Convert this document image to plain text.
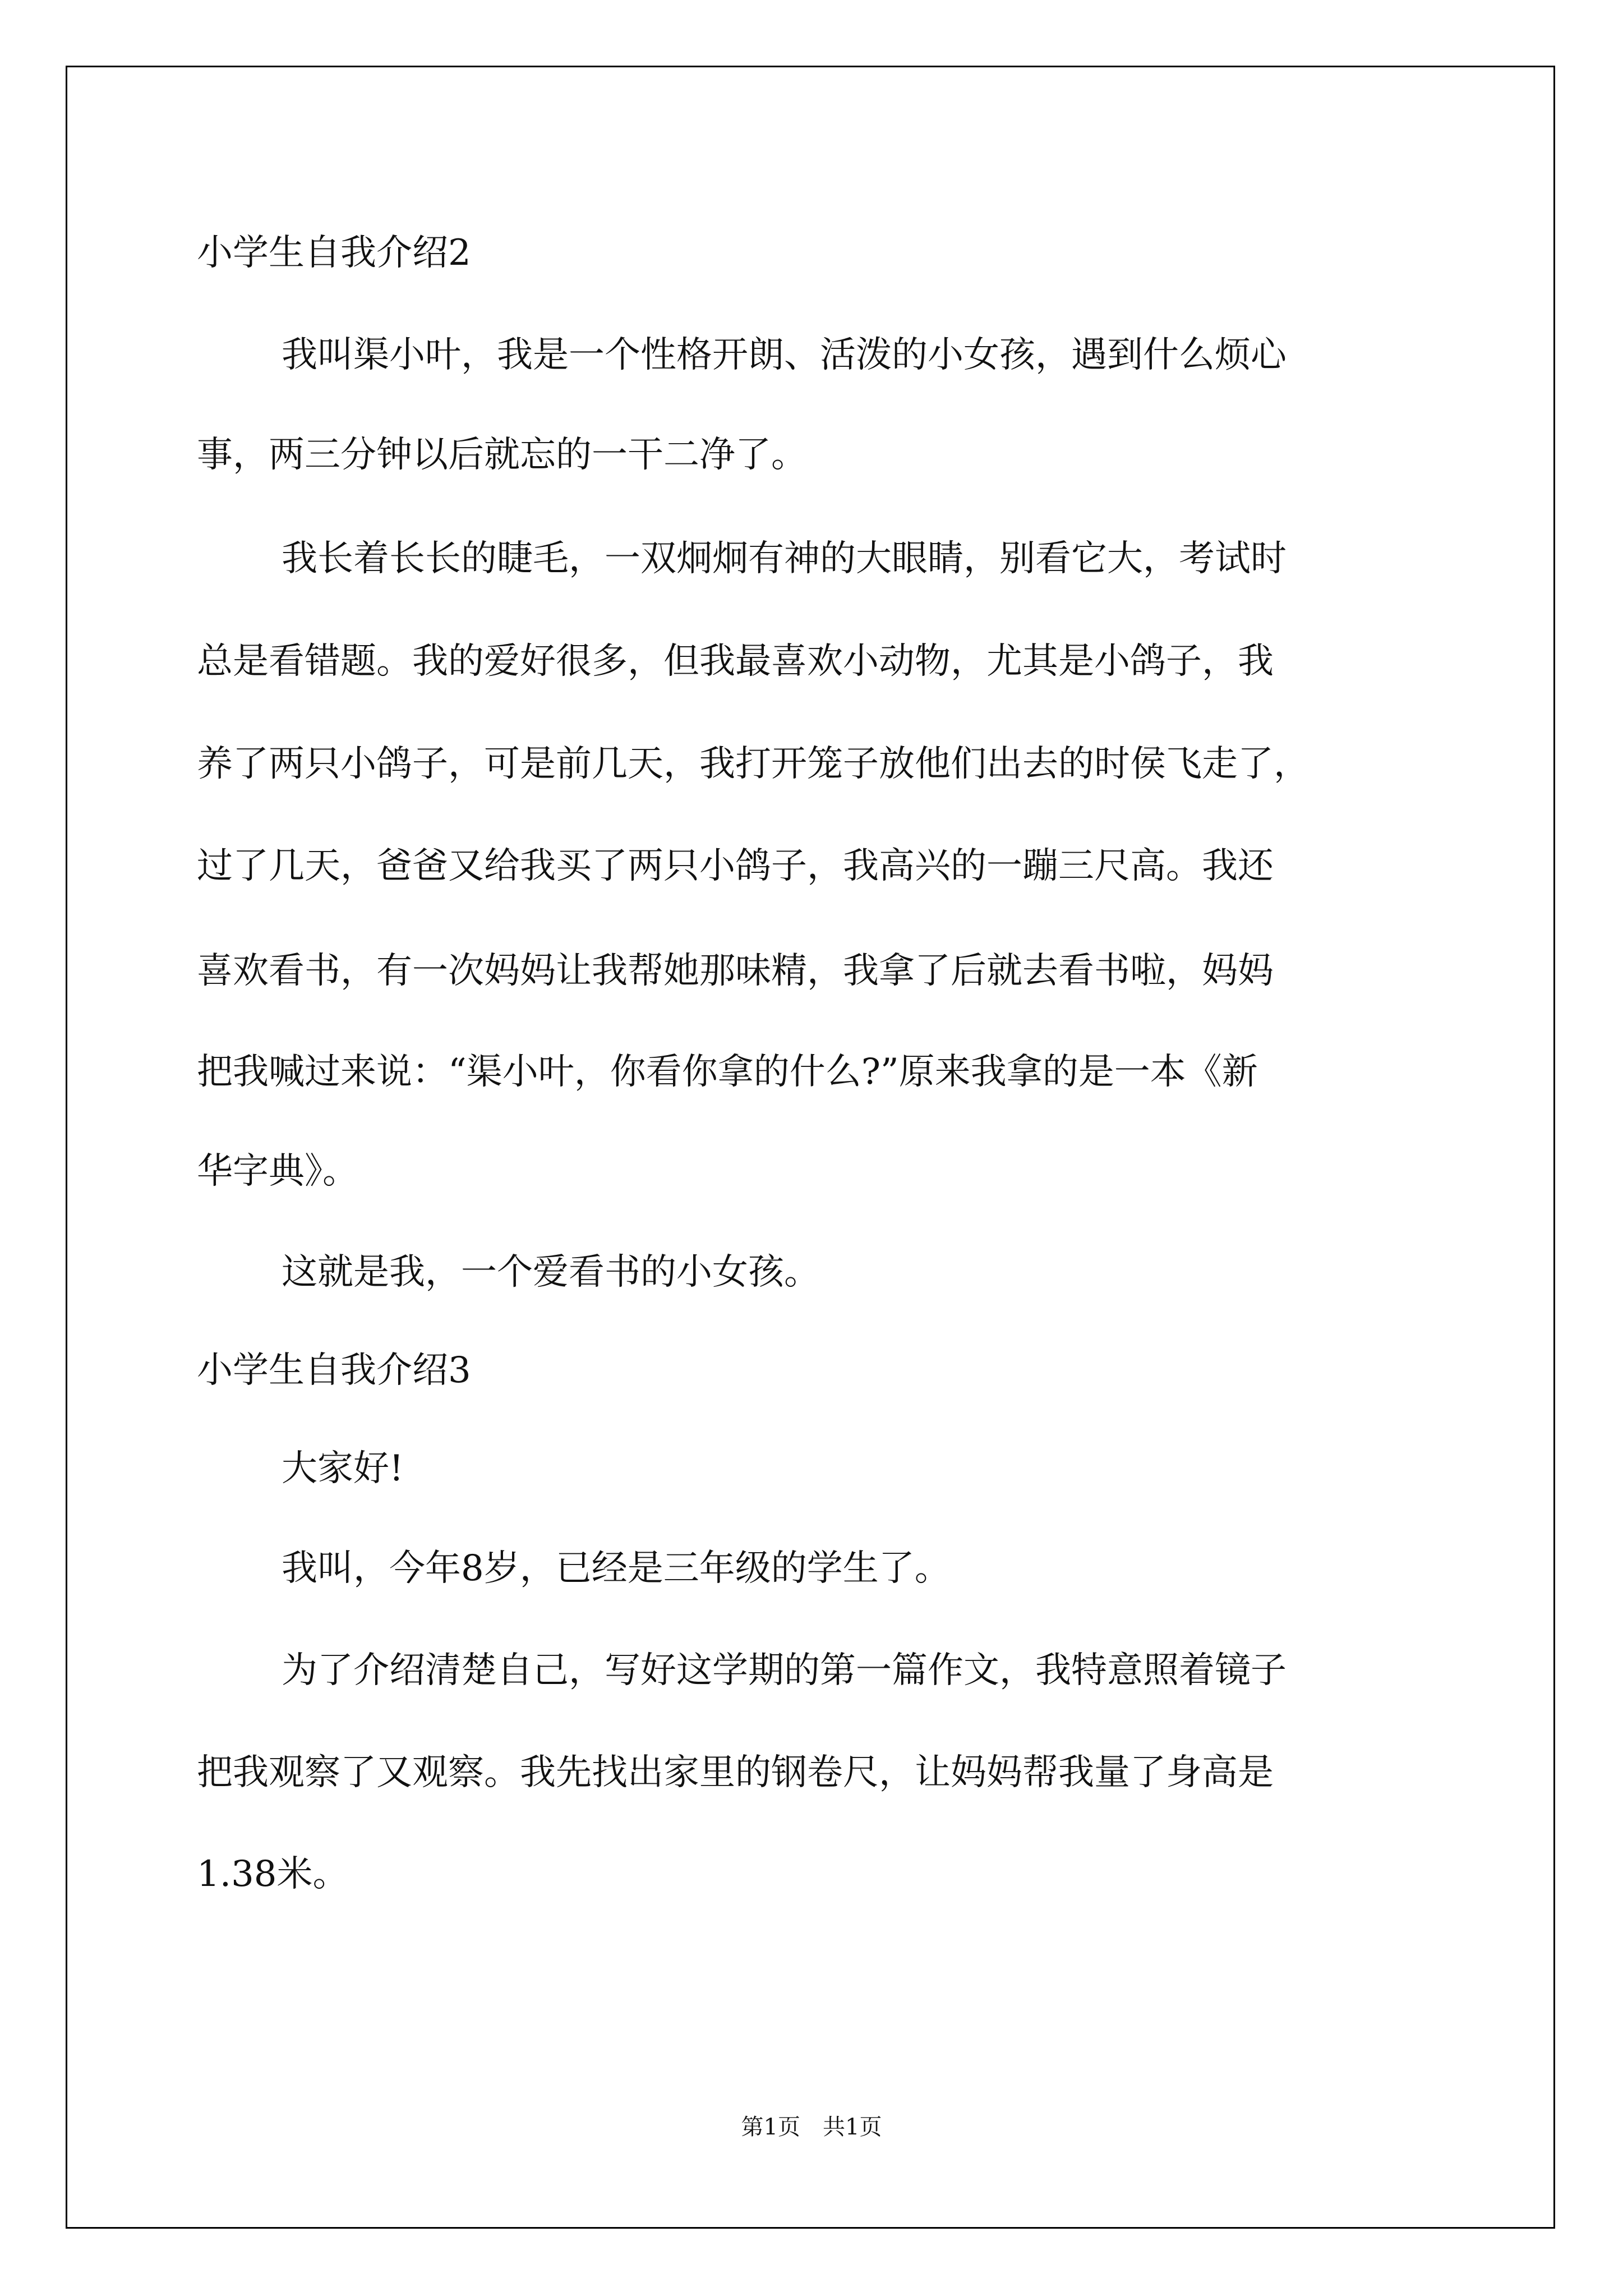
小学生自我介绍2

我叫渠小叶，我是一个性格开朗、活泼的小女孩，遇到什么烦心

事，两三分钟以后就忘的一干二净了。

我长着长长的睫毛，一双炯炯有神的大眼睛，别看它大，考试时

总是看错题。我的爱好很多，但我最喜欢小动物，尤其是小鸽子，我

养了两只小鸽子，可是前几天，我打开笼子放他们出去的时侯飞走了，

过了几天，爸爸又给我买了两只小鸽子，我高兴的一蹦三尺高。我还

喜欢看书，有一次妈妈让我帮她那味精，我拿了后就去看书啦，妈妈

把我喊过来说：“渠小叶，你看你拿的什么?”原来我拿的是一本《新

华字典》。

这就是我，一个爱看书的小女孩。

小学生自我介绍3

大家好!

我叫，今年8岁，已经是三年级的学生了。

为了介绍清楚自己，写好这学期的第一篇作文，我特意照着镜子

把我观察了又观察。我先找出家里的钢卷尺，让妈妈帮我量了身高是

1.38米。

第1页　共1页
